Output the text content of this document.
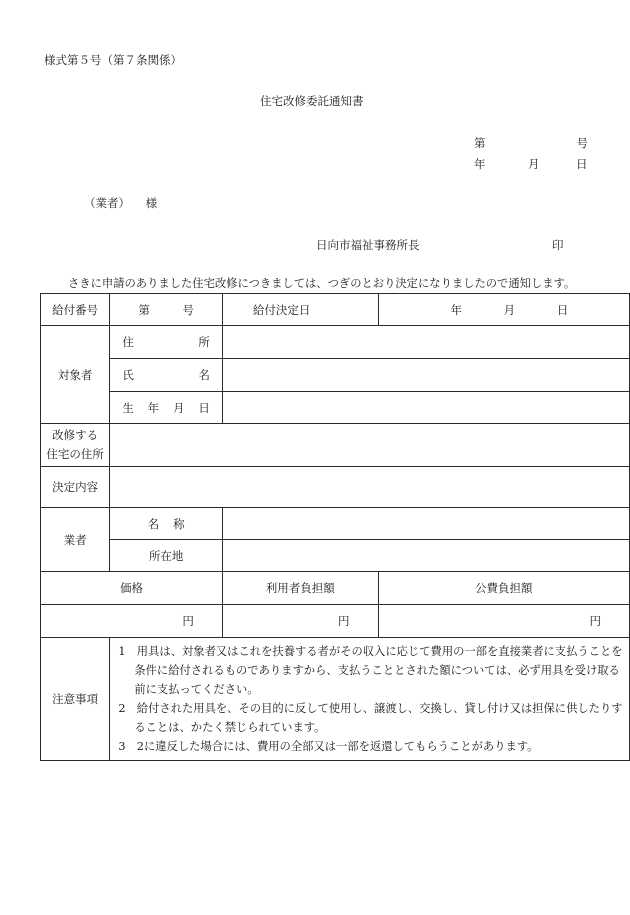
様式第５号（第７条関係）
住宅改修委託通知書
第	号
年	月	日
（業者） 様
日向市福祉事務所長	印
さきに申請のありました住宅改修につきましては、つぎのとおり決定になりましたので通知します。
給付番号	第 号	給付決定日	年 月 日

対象者	住 所		

	氏 名		

	生 年 月 日		

改修する
住宅の住所			

決定内容			
業者	名 称		
	所在地		
価格		利用者負担額	公費負担額
円		円	円
注意事項	1　用具は、対象者又はこれを扶養する者がその収入に応じて費用の一部を直接業者に支払うことを条件に給付されるものでありますから、支払うこととされた額については、必ず用具を受け取る前に支払ってください。
2　給付された用具を、その目的に反して使用し、譲渡し、交換し、貸し付け又は担保に供したりすることは、かたく禁じられています。
3　2に違反した場合には、費用の全部又は一部を返還してもらうことがあります。		
